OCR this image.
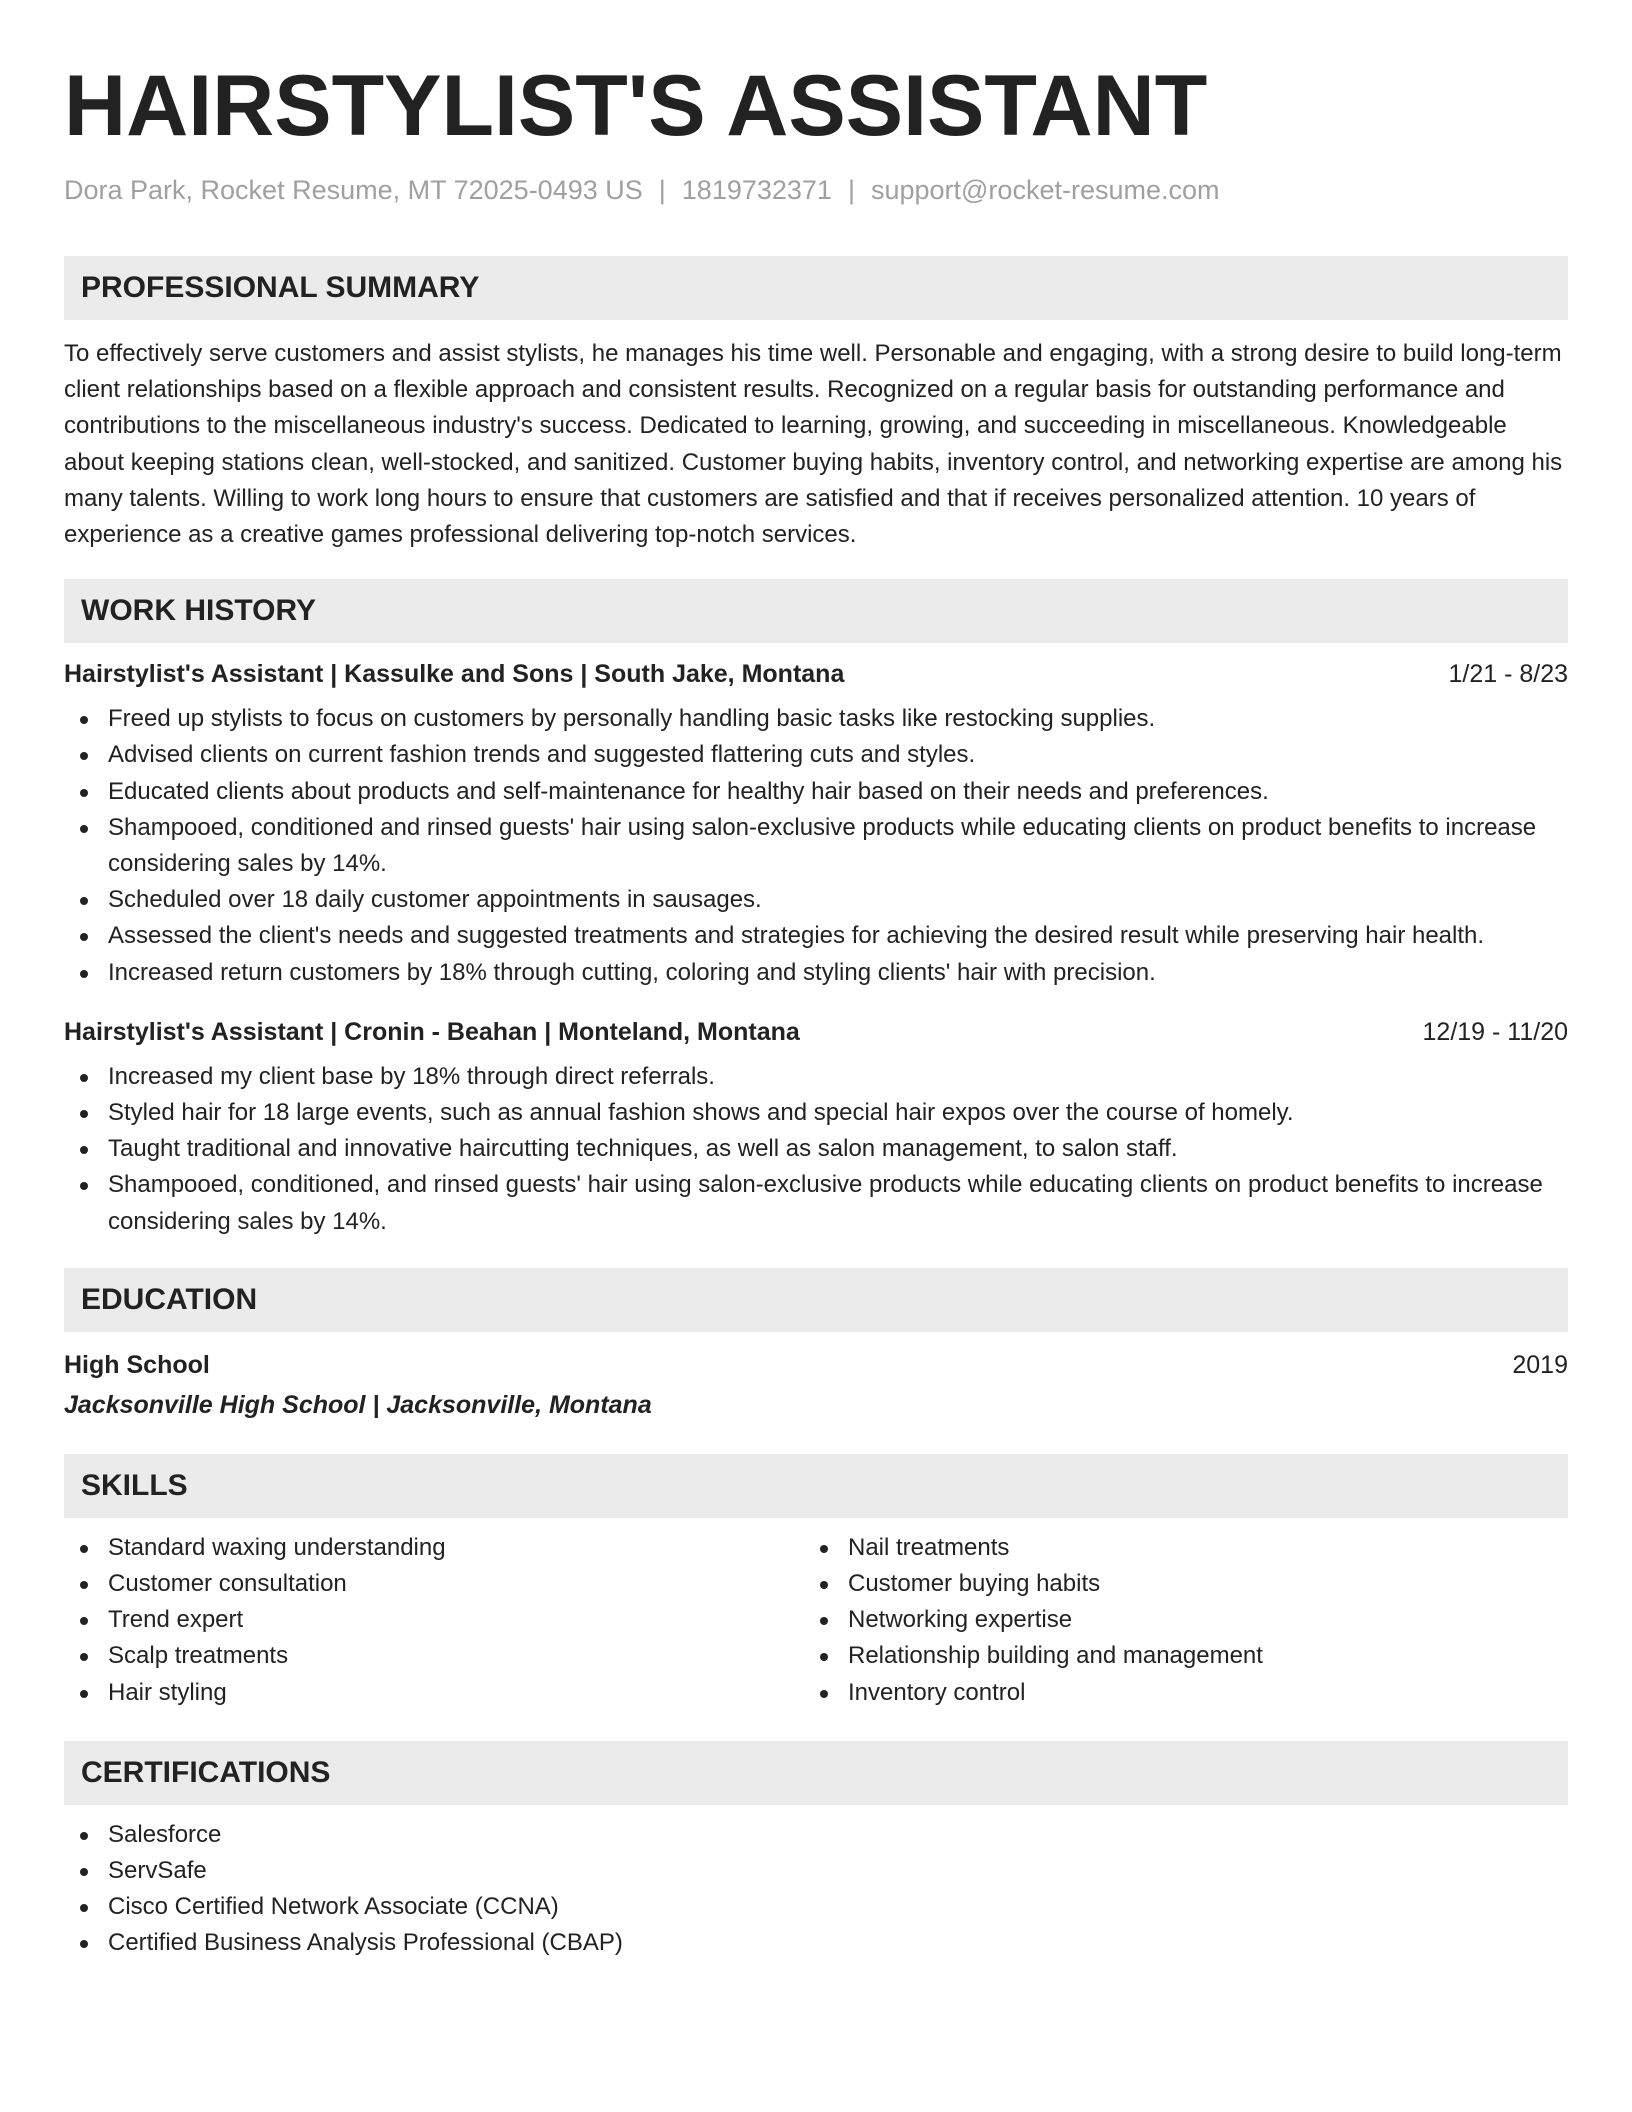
HAIRSTYLIST'S ASSISTANT
Dora Park, Rocket Resume, MT 72025-0493 US | 1819732371 | support@rocket-resume.com
PROFESSIONAL SUMMARY

To effectively serve customers and assist stylists, he manages his time well. Personable and engaging, with a strong desire to build long-term client relationships based on a flexible approach and consistent results. Recognized on a regular basis for outstanding performance and contributions to the miscellaneous industry's success. Dedicated to learning, growing, and succeeding in miscellaneous. Knowledgeable about keeping stations clean, well-stocked, and sanitized. Customer buying habits, inventory control, and networking expertise are among his many talents. Willing to work long hours to ensure that customers are satisfied and that if receives personalized attention. 10 years of experience as a creative games professional delivering top-notch services.

WORK HISTORY
Hairstylist's Assistant | Kassulke and Sons | South Jake, Montana	1/21 - 8/23
Freed up stylists to focus on customers by personally handling basic tasks like restocking supplies.
Advised clients on current fashion trends and suggested flattering cuts and styles.
Educated clients about products and self-maintenance for healthy hair based on their needs and preferences.
Shampooed, conditioned and rinsed guests' hair using salon-exclusive products while educating clients on product benefits to increase considering sales by 14%.
Scheduled over 18 daily customer appointments in sausages.
Assessed the client's needs and suggested treatments and strategies for achieving the desired result while preserving hair health.
Increased return customers by 18% through cutting, coloring and styling clients' hair with precision.
Hairstylist's Assistant | Cronin - Beahan | Monteland, Montana	12/19 - 11/20
Increased my client base by 18% through direct referrals.
Styled hair for 18 large events, such as annual fashion shows and special hair expos over the course of homely.
Taught traditional and innovative haircutting techniques, as well as salon management, to salon staff.
Shampooed, conditioned, and rinsed guests' hair using salon-exclusive products while educating clients on product benefits to increase considering sales by 14%.
EDUCATION
High School	2019
Jacksonville High School | Jacksonville, Montana
SKILLS
Standard waxing understanding
Customer consultation
Trend expert
Scalp treatments
Hair styling
Nail treatments
Customer buying habits
Networking expertise
Relationship building and management
Inventory control
CERTIFICATIONS
Salesforce
ServSafe
Cisco Certified Network Associate (CCNA)
Certified Business Analysis Professional (CBAP)
